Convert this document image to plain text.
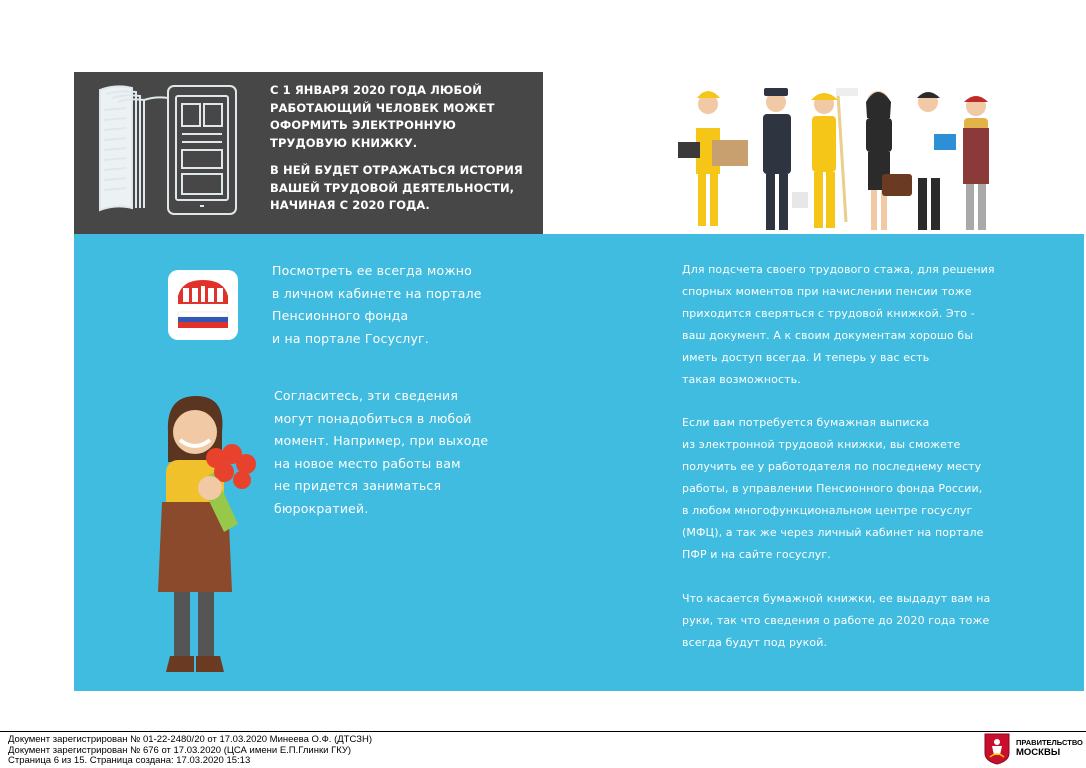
С 1 ЯНВАРЯ 2020 ГОДА ЛЮБОЙ РАБОТАЮЩИЙ ЧЕЛОВЕК МОЖЕТ ОФОРМИТЬ ЭЛЕКТРОННУЮ ТРУДОВУЮ КНИЖКУ.

В НЕЙ БУДЕТ ОТРАЖАТЬСЯ ИСТОРИЯ ВАШЕЙ ТРУДОВОЙ ДЕЯТЕЛЬНОСТИ, НАЧИНАЯ С 2020 ГОДА.

Посмотреть ее всегда можно
в личном кабинете на портале
Пенсионного фонда
и на портале Госуслуг.
Согласитесь, эти сведения
могут понадобиться в любой
момент. Например, при выходе
на новое место работы вам
не придется заниматься
бюрократией.

Для подсчета своего трудового стажа, для решения

спорных моментов при начислении пенсии тоже

приходится сверяться с трудовой книжкой. Это -

ваш документ. А к своим документам хорошо бы

иметь доступ всегда. И теперь у вас есть

такая возможность.

Если вам потребуется бумажная выписка

из электронной трудовой книжки, вы сможете

получить ее у работодателя по последнему месту

работы, в управлении Пенсионного фонда России,

в любом многофункциональном центре госуслуг

(МФЦ), а так же через личный кабинет на портале

ПФР и на сайте госуслуг.

Что касается бумажной книжки, ее выдадут вам на

руки, так что сведения о работе до 2020 года тоже

всегда будут под рукой.

Документ зарегистрирован № 01-22-2480/20 от 17.03.2020 Минеева О.Ф. (ДТСЗН)
Документ зарегистрирован № 676 от 17.03.2020 (ЦСА имени Е.П.Глинки ГКУ)
Страница 6 из 15. Страница создана: 17.03.2020 15:13
ПРАВИТЕЛЬСТВО
МОСКВЫ
